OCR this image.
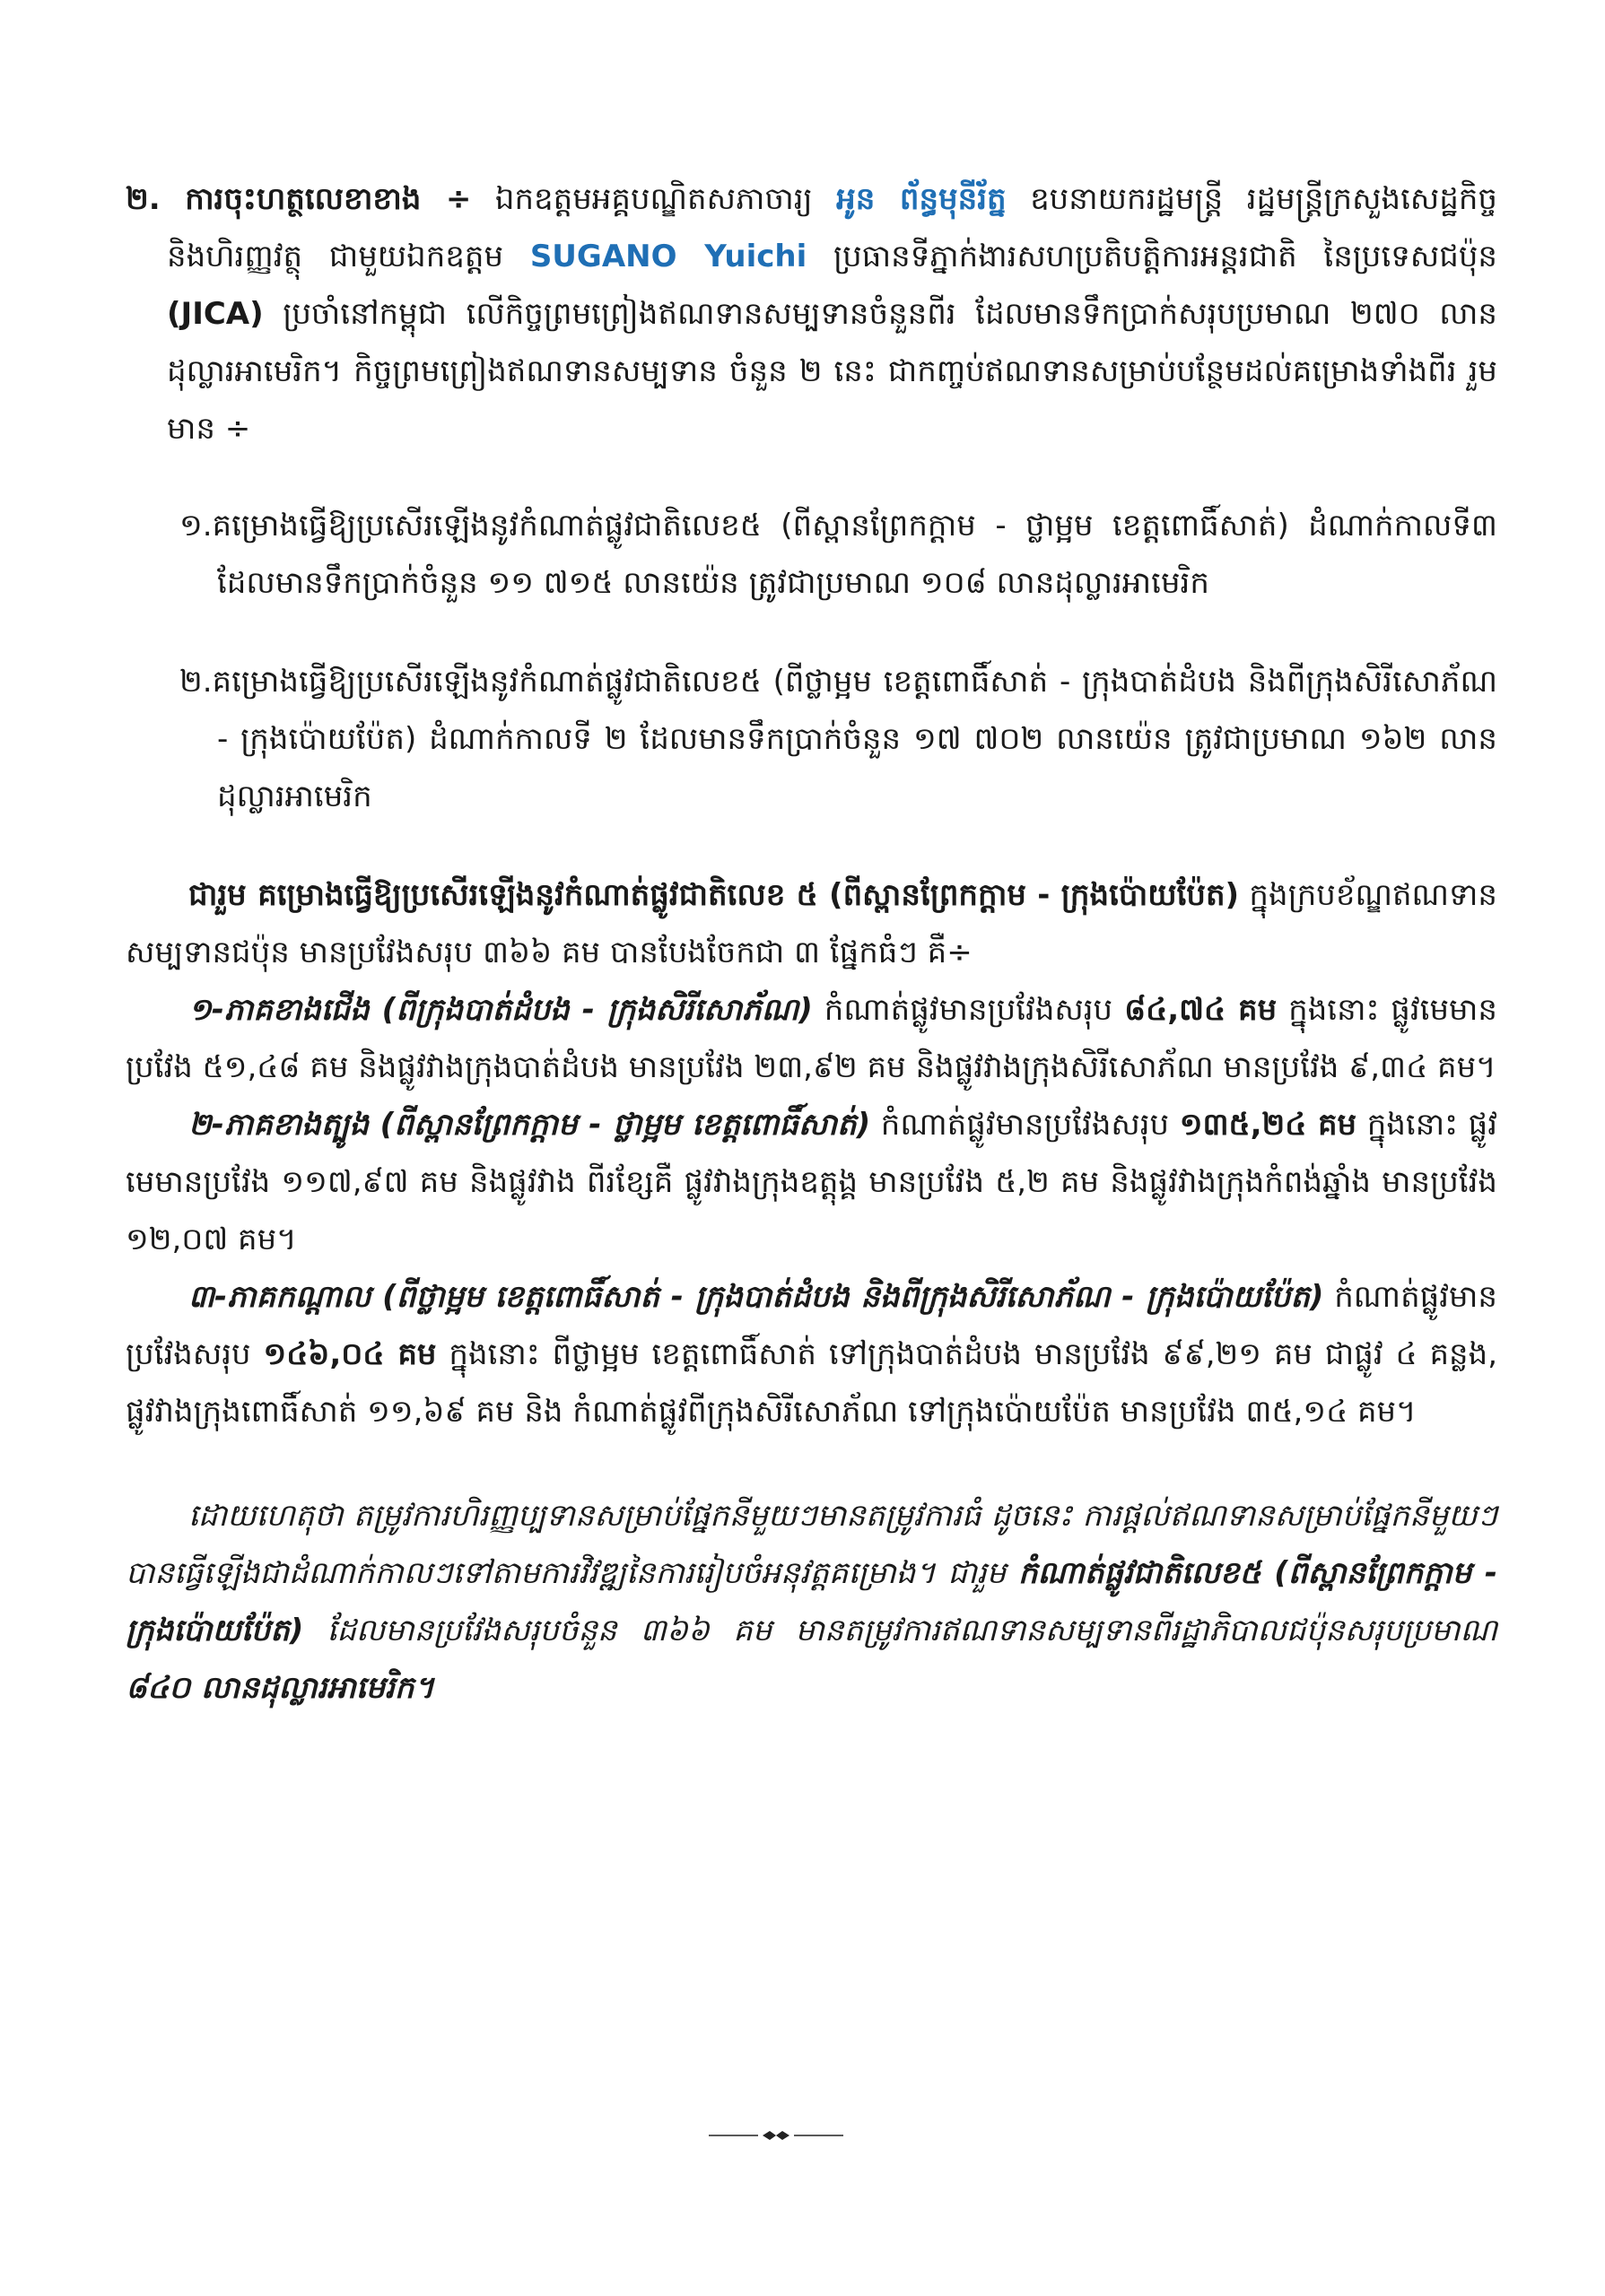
២. ការចុះហត្ថលេខាខាង ÷ ឯកឧត្តមអគ្គបណ្ឌិតសភាចារ្យ អូន ព័ន្ធមុនីរ័ត្ន ឧបនាយករដ្ឋមន្ត្រី រដ្ឋមន្ត្រីក្រសួងសេដ្ឋកិច្ចនិងហិរញ្ញវត្ថុ ជាមួយឯកឧត្តម SUGANO Yuichi ប្រធានទីភ្នាក់ងារសហប្រតិបត្តិការអន្តរជាតិ នៃប្រទេសជប៉ុន (JICA) ប្រចាំនៅកម្ពុជា លើកិច្ចព្រមព្រៀងឥណទានសម្បទានចំនួនពីរ ដែលមានទឹកប្រាក់សរុបប្រមាណ ២៧០ លានដុល្លារអាមេរិក។ កិច្ចព្រមព្រៀងឥណទានសម្បទាន ចំនួន ២ នេះ ជាកញ្ចប់ឥណទានសម្រាប់បន្ថែមដល់គម្រោងទាំងពីរ រួមមាន ÷

១.គម្រោងធ្វើឱ្យប្រសើរឡើងនូវកំណាត់ផ្លូវជាតិលេខ៥ (ពីស្ពានព្រែកក្ដាម - ថ្លាម្អម ខេត្តពោធិ៍សាត់) ដំណាក់កាលទី៣ ដែលមានទឹកប្រាក់ចំនួន ១១ ៧១៥ លានយ៉េន ត្រូវជាប្រមាណ ១០៨ លានដុល្លារអាមេរិក

២.គម្រោងធ្វើឱ្យប្រសើរឡើងនូវកំណាត់ផ្លូវជាតិលេខ៥ (ពីថ្លាម្អម ខេត្តពោធិ៍សាត់ - ក្រុងបាត់ដំបង និងពីក្រុងសិរីសោភ័ណ - ក្រុងប៉ោយប៉ែត) ដំណាក់កាលទី ២ ដែលមានទឹកប្រាក់ចំនួន ១៧ ៧០២ លានយ៉េន ត្រូវជាប្រមាណ ១៦២ លានដុល្លារអាមេរិក

ជារួម គម្រោងធ្វើឱ្យប្រសើរឡើងនូវកំណាត់ផ្លូវជាតិលេខ ៥ (ពីស្ពានព្រែកក្ដាម - ក្រុងប៉ោយប៉ែត) ក្នុងក្របខ័ណ្ឌឥណទានសម្បទានជប៉ុន មានប្រវែងសរុប ៣៦៦ គម បានបែងចែកជា ៣ ផ្នែកធំៗ គឺ÷

១-ភាគខាងជើង (ពីក្រុងបាត់ដំបង - ក្រុងសិរីសោភ័ណ) កំណាត់ផ្លូវមានប្រវែងសរុប ៨៤,៧៤ គម ក្នុងនោះ ផ្លូវមេមានប្រវែង ៥១,៤៨ គម និងផ្លូវវាងក្រុងបាត់ដំបង មានប្រវែង ២៣,៩២ គម និងផ្លូវវាងក្រុងសិរីសោភ័ណ មានប្រវែង ៩,៣៤ គម។

២-ភាគខាងត្បូង (ពីស្ពានព្រែកក្ដាម - ថ្លាម្អម ខេត្តពោធិ៍សាត់) កំណាត់ផ្លូវមានប្រវែងសរុប ១៣៥,២៤ គម ក្នុងនោះ ផ្លូវមេមានប្រវែង ១១៧,៩៧ គម និងផ្លូវវាង ពីរខ្សែគឺ ផ្លូវវាងក្រុងឧត្តុង្គ មានប្រវែង ៥,២ គម និងផ្លូវវាងក្រុងកំពង់ឆ្នាំង មានប្រវែង ១២,០៧ គម។

៣-ភាគកណ្ដាល (ពីថ្លាម្អម ខេត្តពោធិ៍សាត់ - ក្រុងបាត់ដំបង និងពីក្រុងសិរីសោភ័ណ - ក្រុងប៉ោយប៉ែត) កំណាត់ផ្លូវមានប្រវែងសរុប ១៤៦,០៤ គម ក្នុងនោះ ពីថ្លាម្អម ខេត្តពោធិ៍សាត់ ទៅក្រុងបាត់ដំបង មានប្រវែង ៩៩,២១ គម ជាផ្លូវ ៤ គន្លង, ផ្លូវវាងក្រុងពោធិ៍សាត់ ១១,៦៩ គម និង កំណាត់ផ្លូវពីក្រុងសិរីសោភ័ណ ទៅក្រុងប៉ោយប៉ែត មានប្រវែង ៣៥,១៤ គម។

ដោយហេតុថា តម្រូវការហិរញ្ញប្បទានសម្រាប់ផ្នែកនីមួយៗមានតម្រូវការធំ ដូចនេះ ការផ្ដល់ឥណទានសម្រាប់ផ្នែកនីមួយៗបានធ្វើឡើងជាដំណាក់កាលៗទៅតាមការវិវឌ្ឍនៃការរៀបចំអនុវត្តគម្រោង។ ជារួម កំណាត់ផ្លូវជាតិលេខ៥ (ពីស្ពានព្រែកក្ដាម - ក្រុងប៉ោយប៉ែត) ដែលមានប្រវែងសរុបចំនួន ៣៦៦ គម មានតម្រូវការឥណទានសម្បទានពីរដ្ឋាភិបាលជប៉ុនសរុបប្រមាណ ៨៤០ លានដុល្លារអាមេរិក។
